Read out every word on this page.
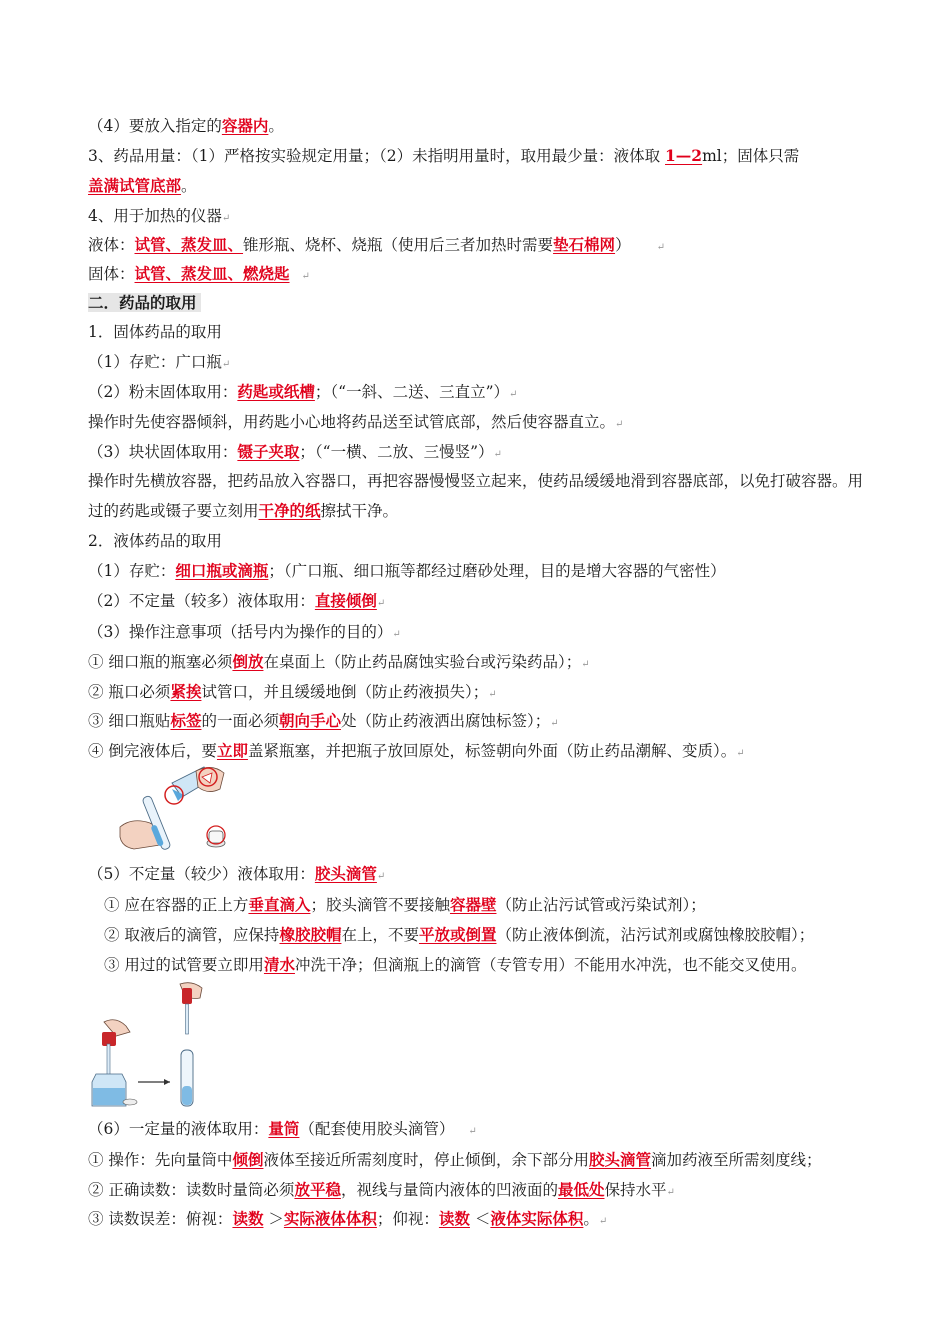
（4）要放入指定的容器内。
3、药品用量：（1）严格按实验规定用量；（2）未指明用量时，取用最少量：液体取 1—2ml；固体只需
盖满试管底部。
4、用于加热的仪器↵
液体：试管、蒸发皿、锥形瓶、烧杯、烧瓶（使用后三者加热时需要垫石棉网）	↵
固体：试管、蒸发皿、燃烧匙 ↵
二．药品的取用
1．固体药品的取用
（1）存贮：广口瓶↵
（2）粉末固体取用：药匙或纸槽；（“一斜、二送、三直立”）↵
操作时先使容器倾斜，用药匙小心地将药品送至试管底部，然后使容器直立。↵
（3）块状固体取用：镊子夹取；（“一横、二放、三慢竖”）↵
操作时先横放容器，把药品放入容器口，再把容器慢慢竖立起来，使药品缓缓地滑到容器底部，以免打破容器。用过的药匙或镊子要立刻用干净的纸擦拭干净。
2．液体药品的取用
（1）存贮：细口瓶或滴瓶；（广口瓶、细口瓶等都经过磨砂处理，目的是增大容器的气密性）
（2）不定量（较多）液体取用：直接倾倒↵
（3）操作注意事项（括号内为操作的目的）↵
① 细口瓶的瓶塞必须倒放在桌面上（防止药品腐蚀实验台或污染药品）；↵
② 瓶口必须紧挨试管口，并且缓缓地倒（防止药液损失）；↵
③ 细口瓶贴标签的一面必须朝向手心处（防止药液洒出腐蚀标签）；↵
④ 倒完液体后，要立即盖紧瓶塞，并把瓶子放回原处，标签朝向外面（防止药品潮解、变质）。↵
（5）不定量（较少）液体取用：胶头滴管↵
① 应在容器的正上方垂直滴入；胶头滴管不要接触容器壁（防止沾污试管或污染试剂）；
② 取液后的滴管，应保持橡胶胶帽在上，不要平放或倒置（防止液体倒流，沾污试剂或腐蚀橡胶胶帽）；
③ 用过的试管要立即用清水冲洗干净；但滴瓶上的滴管（专管专用）不能用水冲洗，也不能交叉使用。
（6）一定量的液体取用：量筒（配套使用胶头滴管） ↵
① 操作：先向量筒中倾倒液体至接近所需刻度时，停止倾倒，余下部分用胶头滴管滴加药液至所需刻度线；
② 正确读数：读数时量筒必须放平稳，视线与量筒内液体的凹液面的最低处保持水平↵
③ 读数误差：俯视：读数 ＞实际液体体积；仰视：读数 ＜液体实际体积。↵
